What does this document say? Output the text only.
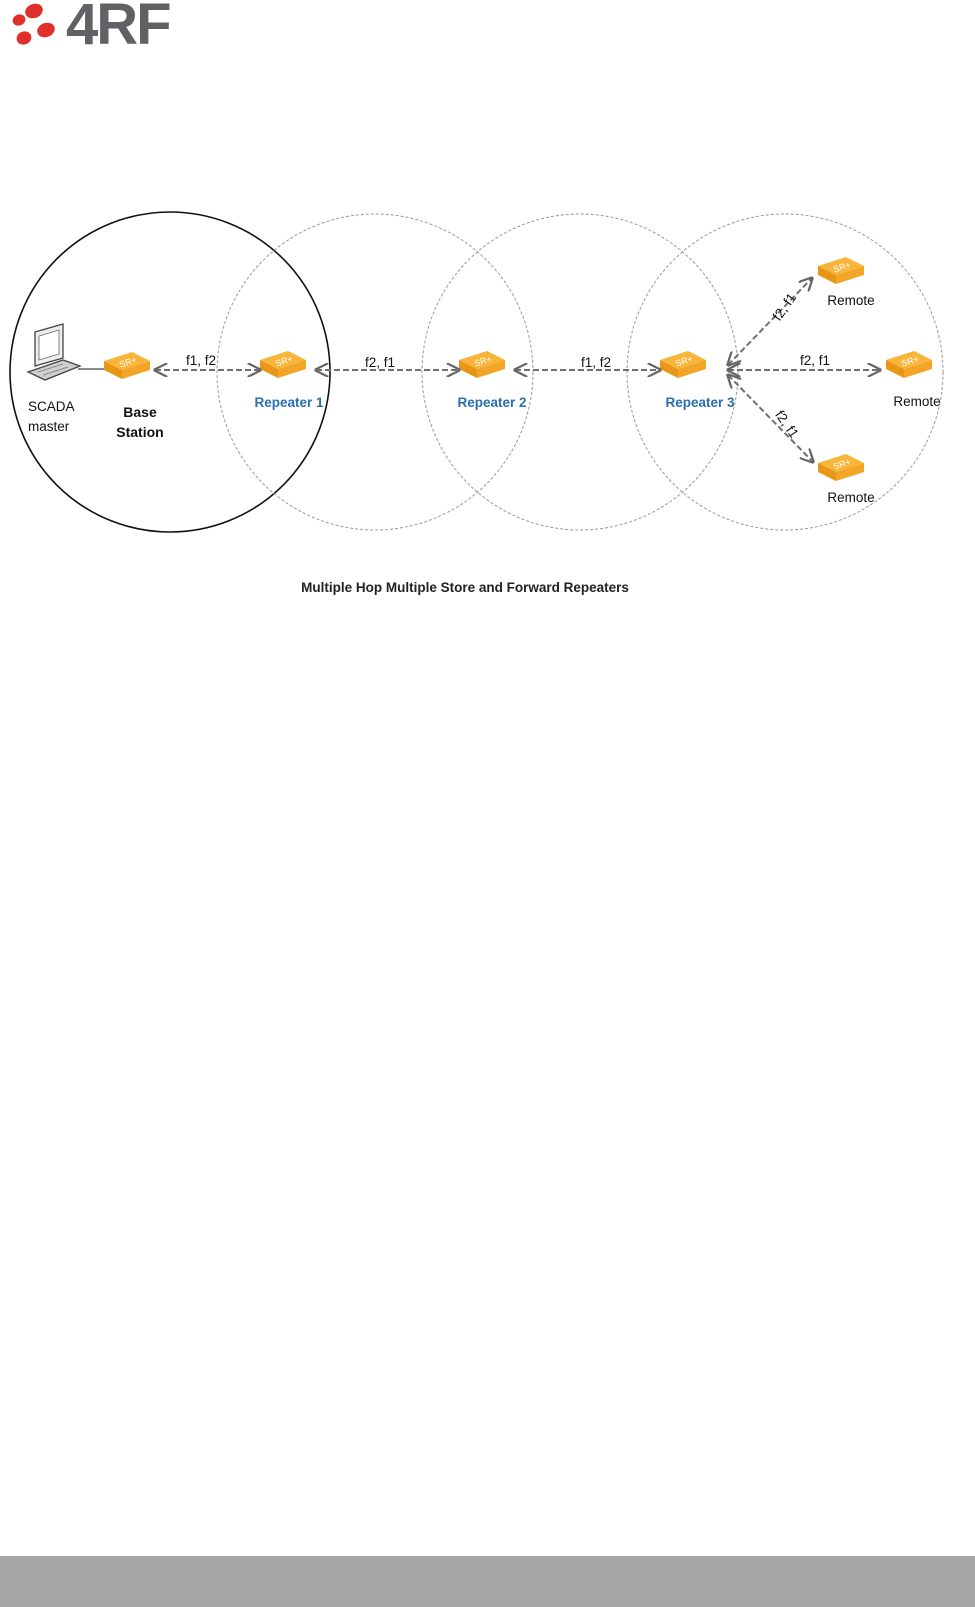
4RF
SR+	SR+	SR+	SR+
SR+
SR+
SR+
f1, f2	f2, f1	f1, f2
f2, f1
f2, f1
f2, f1
SCADA
master
Base
Station
Repeater 1	Repeater 2	Repeater 3
Remote
Remote
Remote
Multiple Hop Multiple Store and Forward Repeaters
